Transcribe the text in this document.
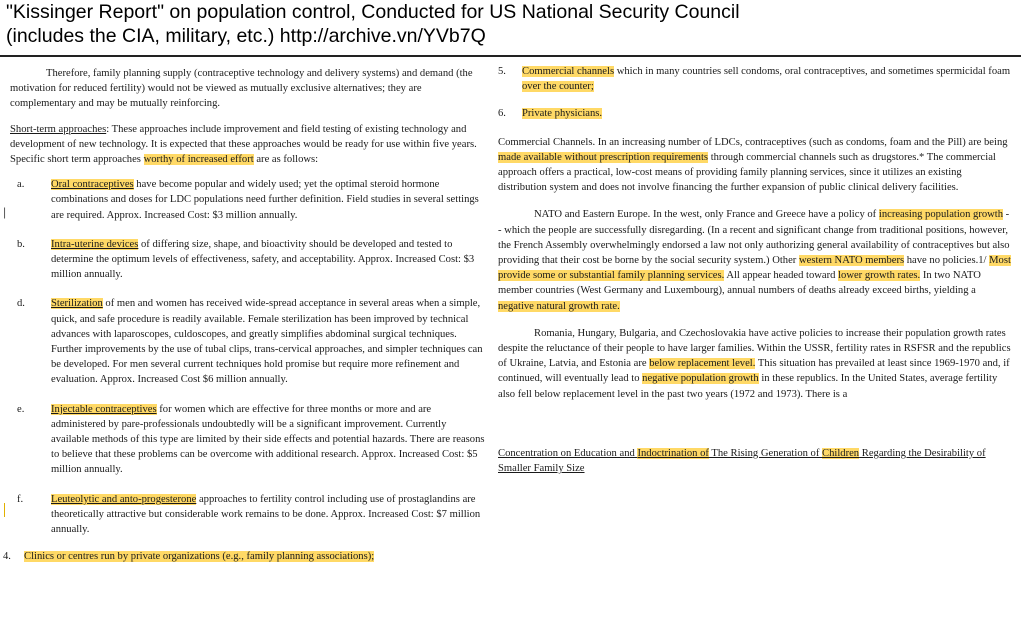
"Kissinger Report" on population control, Conducted for US National Security Council
(includes the CIA, military, etc.) http://archive.vn/YVb7Q
|

Therefore, family planning supply (contraceptive technology and delivery systems) and demand (the motivation for reduced fertility) would not be viewed as mutually exclusive alternatives; they are complementary and may be mutually reinforcing.

Short-term approaches: These approaches include improvement and field testing of existing technology and development of new technology. It is expected that these approaches would be ready for use within five years. Specific short term approaches worthy of increased effort are as follows:

a.	Oral contraceptives have become popular and widely used; yet the optimal steroid hormone combinations and doses for LDC populations need further definition. Field studies in several settings are required. Approx. Increased Cost: $3 million annually.
b. Intra-uterine devices of differing size, shape, and bioactivity should be developed and tested to determine the optimum levels of effectiveness, safety, and acceptability. Approx. Increased Cost: $3 million annually.
d. Sterilization of men and women has received wide-spread acceptance in several areas when a simple, quick, and safe procedure is readily available. Female sterilization has been improved by technical advances with laparoscopes, culdoscopes, and greatly simplifies abdominal surgical techniques. Further improvements by the use of tubal clips, trans-cervical approaches, and simpler techniques can be developed. For men several current techniques hold promise but require more refinement and evaluation. Approx. Increased Cost $6 million annually.
e.	Injectable contraceptives for women which are effective for three months or more and are administered by pare-professionals undoubtedly will be a significant improvement. Currently available methods of this type are limited by their side effects and potential hazards. There are reasons to believe that these problems can be overcome with additional research. Approx. Increased Cost: $5 million annually.
f.	Leuteolytic and anto-progesterone approaches to fertility control including use of prostaglandins are theoretically attractive but considerable work remains to be done. Approx. Increased Cost: $7 million annually.
4. Clinics or centres run by private organizations (e.g., family planning associations);
5. Commercial channels which in many countries sell condoms, oral contraceptives, and sometimes spermicidal foam over the counter;
6. Private physicians.

Commercial Channels. In an increasing number of LDCs, contraceptives (such as condoms, foam and the Pill) are being made available without prescription requirements through commercial channels such as drugstores.* The commercial approach offers a practical, low-cost means of providing family planning services, since it utilizes an existing distribution system and does not involve financing the further expansion of public clinical delivery facilities.

NATO and Eastern Europe. In the west, only France and Greece have a policy of increasing population growth -- which the people are successfully disregarding. (In a recent and significant change from traditional positions, however, the French Assembly overwhelmingly endorsed a law not only authorizing general availability of contraceptives but also providing that their cost be borne by the social security system.) Other western NATO members have no policies.1/ Most provide some or substantial family planning services. All appear headed toward lower growth rates. In two NATO member countries (West Germany and Luxembourg), annual numbers of deaths already exceed births, yielding a negative natural growth rate.

Romania, Hungary, Bulgaria, and Czechoslovakia have active policies to increase their population growth rates despite the reluctance of their people to have larger families. Within the USSR, fertility rates in RSFSR and the republics of Ukraine, Latvia, and Estonia are below replacement level. This situation has prevailed at least since 1969-1970 and, if continued, will eventually lead to negative population growth in these republics. In the United States, average fertility also fell below replacement level in the past two years (1972 and 1973). There is a

Concentration on Education and Indoctrination of The Rising Generation of Children Regarding the Desirability of Smaller Family Size
